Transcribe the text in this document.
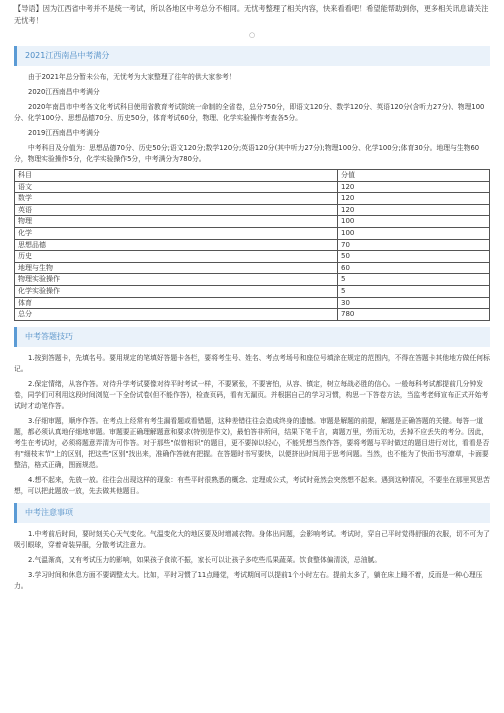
【导语】因为江西省中考并不是统一考试，所以各地区中考总分不相同。无忧考整理了相关内容，快来看看吧！希望能帮助到你，更多相关讯息请关注无忧考！

○
2021江西南昌中考满分

由于2021年总分暂未公布，无忧考为大家整理了往年的供大家参考！

2020江西南昌中考满分

2020年南昌市中考各文化考试科目使用省教育考试院统一命制的全省卷，总分750分，即语文120分、数学120分、英语120分(含听力27分)、物理100分、化学100分、思想品德70分、历史50分，体育考试60分，物理、化学实验操作考查各5分。

2019江西南昌中考满分

中考科目及分值为：思想品德70分、历史50分;语文120分;数学120分;英语120分(其中听力27分);物理100分、化学100分;体育30分。地理与生物60分，物理实验操作5分，化学实验操作5分，中考满分为780分。

科目	分值
语文	120
数学	120
英语	120
物理	100
化学	100
思想品德	70
历史	50
地理与生物	60
物理实验操作	5
化学实验操作	5
体育	30
总分	780
中考答题技巧

1.按到答题卡，先填名号。要用规定的笔填好答题卡各栏，要将考生号、姓名、考点考场号和座位号填涂在规定的范围内，不得在答题卡其他地方做任何标记。

2.保定情绪，从容作答。对待升学考试要像对待平时考试一样，不要紧张，不要害怕，从容、镇定，树立每战必胜的信心。一般每科考试都提前几分钟发卷，同学们可利用这段时间浏览一下全份试卷(但不能作答)，检查页码，看有无漏页。并根据自己的学习习惯，构思一下答卷方法，当监考老师宣布正式开始考试时才动笔作答。

3.仔细审题，顺序作答。在考点上经常有考生漏看题或看错题，这种差错往往会造成终身的遗憾。审题是解题的前提，解题是正确答题的关键。每答一道题，都必须认真地仔细地审题。审题要正确理解题意和要求(特别是作文)，最怕答非所问，结果下笔千言，离题万里，劳而无功，丢掉不应丢失的考分。因此，考生在考试时，必须将题意弄清为可作答。对于那些"似曾相识"的题目，更不要掉以轻心，不能凭想当然作答，要将考题与平时做过的题目进行对比，看看是否有"细枝末节"上的区别，把这些"区别"找出来，准确作答就有把握。在答题时书写要快，以便挤出时间用于思考问题。当然，也不能为了快而书写潦草，卡面要整洁，格式正确，图面规范。

4.想不起来，先放一放。往往会出现这样的现象：有些平时很熟悉的概念、定理或公式，考试时竟然会突然想不起来。遇到这种情况，不要坐在那里冥思苦想，可以把此题放一放，先去做其他题目。

中考注意事项

1.中考前后时间，要时刻关心天气变化。气温变化大的地区要及时增减衣物。身体出问题，会影响考试。考试时，穿自己平时觉得舒服的衣服，切不可为了吸引眼球，穿着奇装异服，分散考试注意力。

2.气温渐高，又有考试压力的影响，如果孩子食欲不振，家长可以让孩子多吃些瓜果蔬菜。饮食整体偏清淡，忌油腻。

3.学习时间和休息方面不要调整太大。比如，平时习惯了11点睡觉，考试期间可以提前1个小时左右。提前太多了，躺在床上睡不着，反而是一种心理压力。
